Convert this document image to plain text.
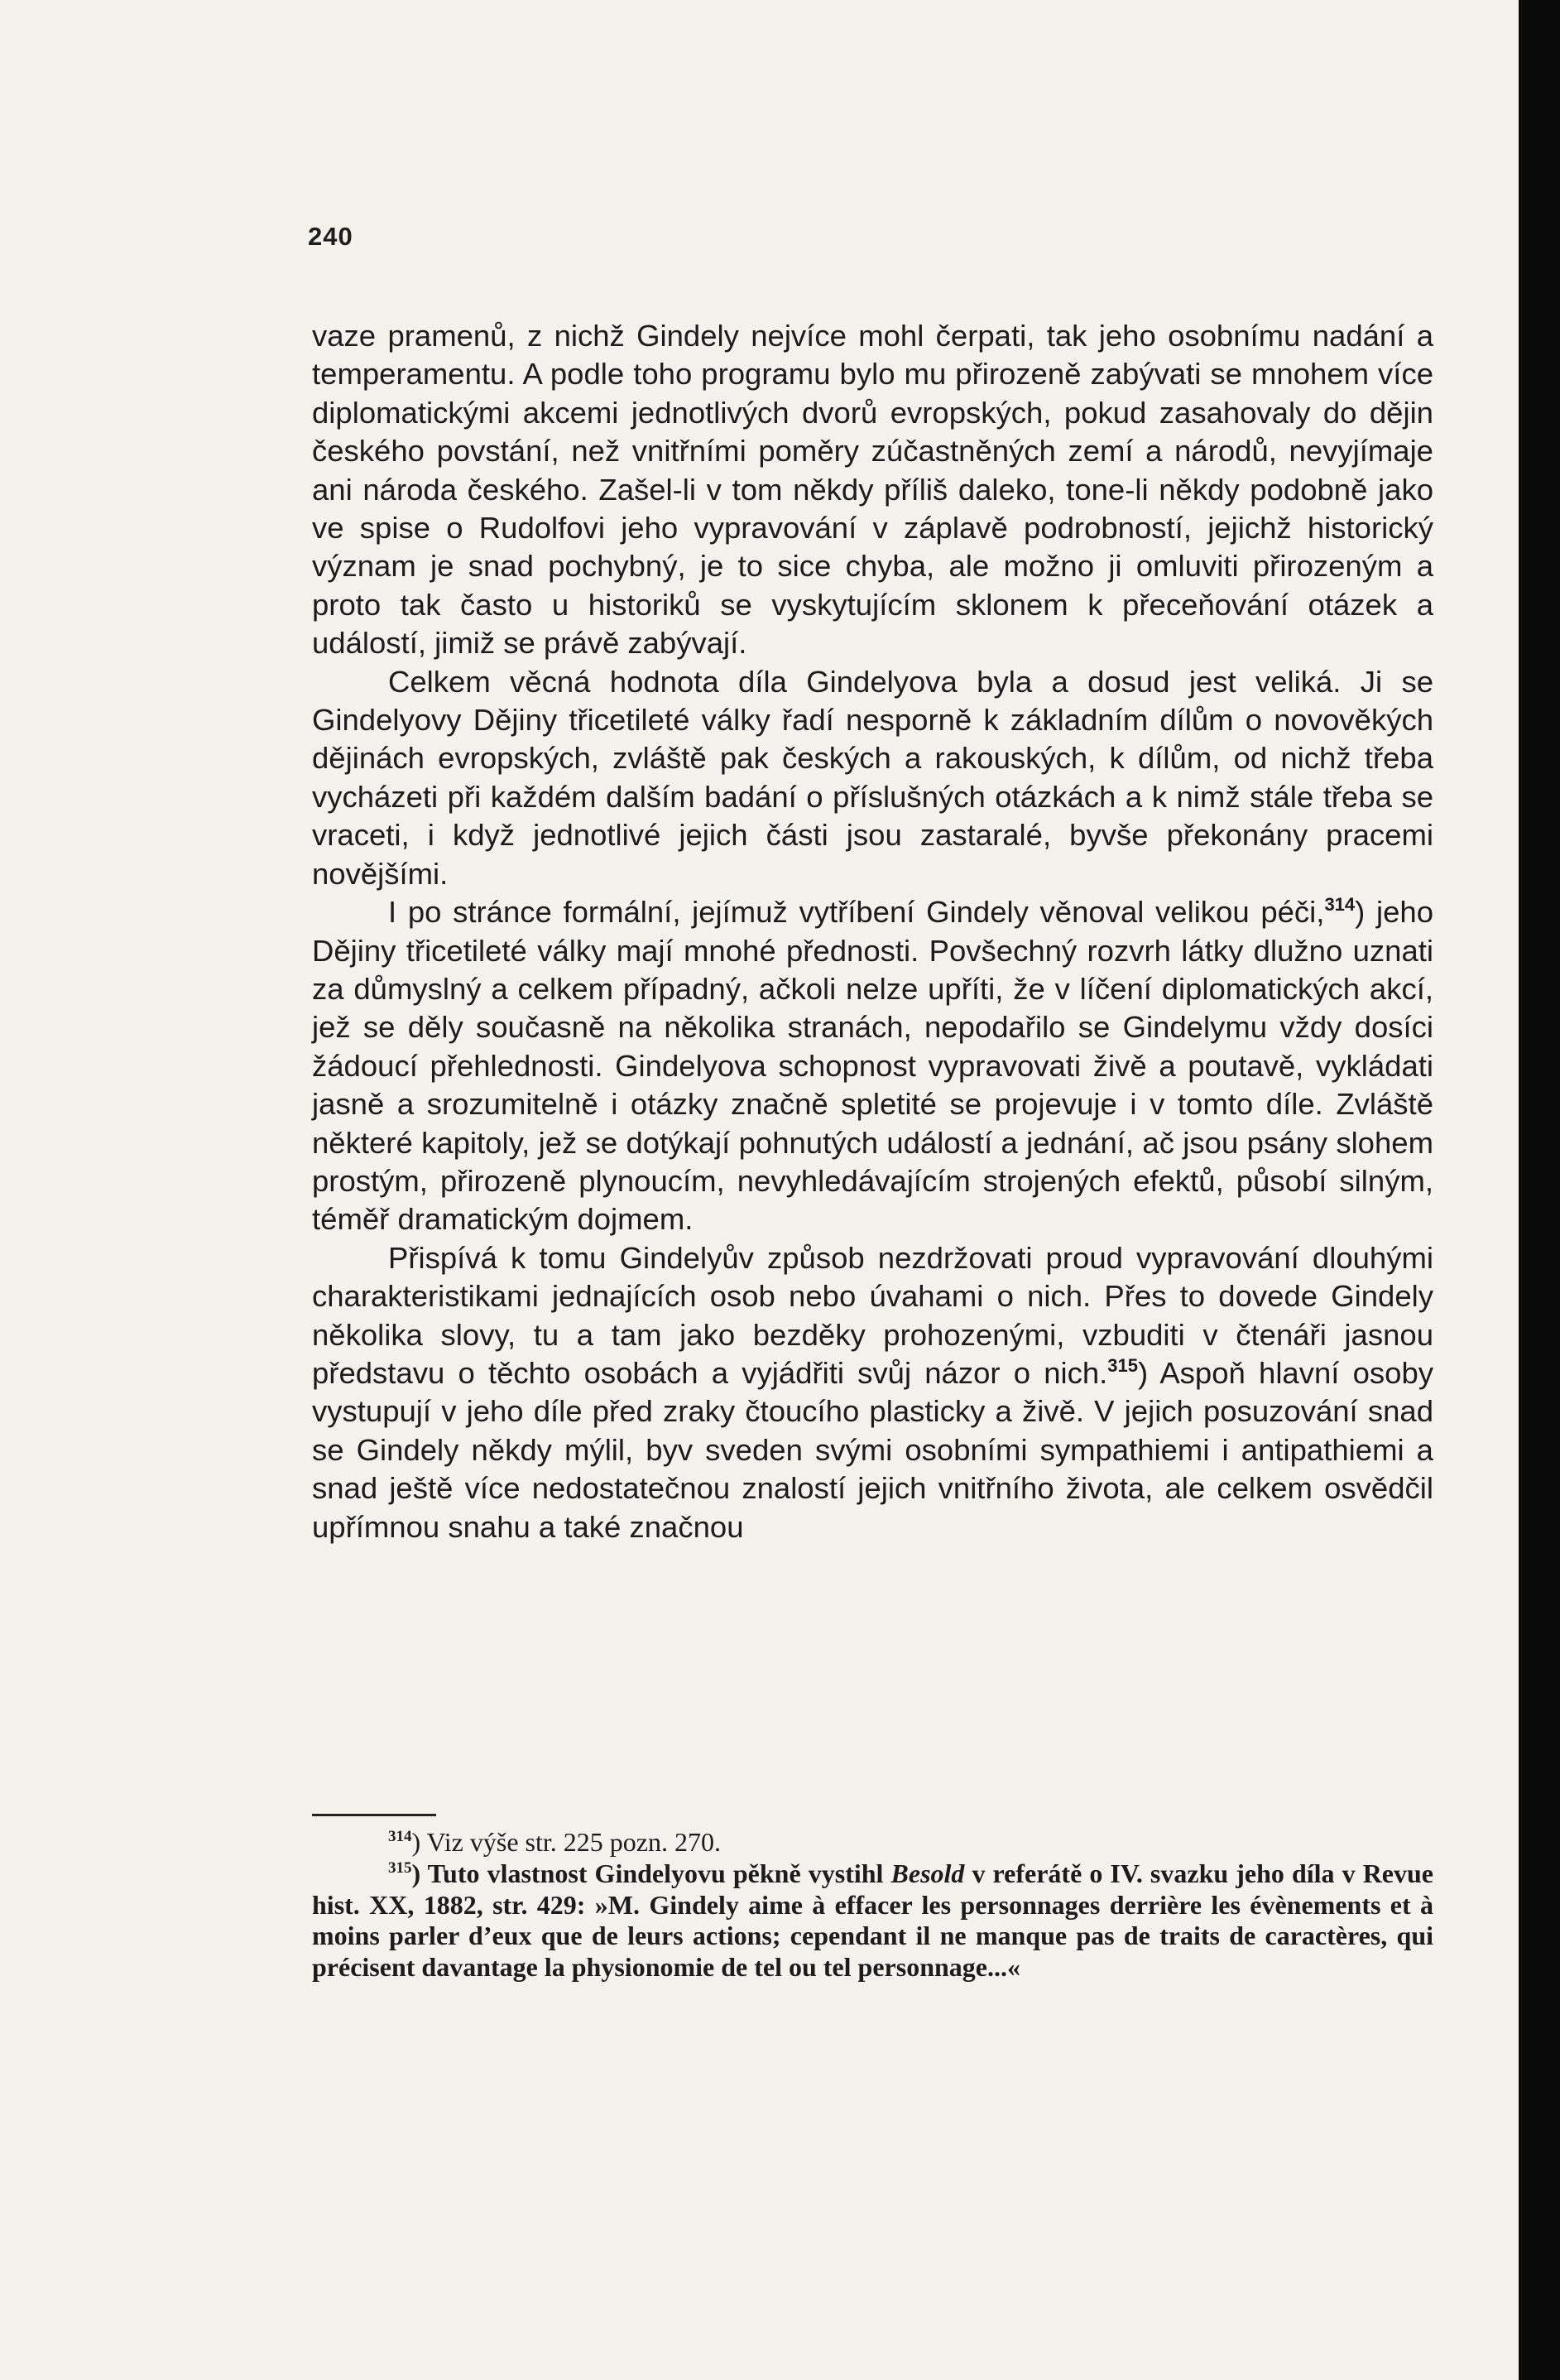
240

vaze pramenů, z nichž Gindely nejvíce mohl čerpati, tak jeho osobnímu nadání a temperamentu. A podle toho programu bylo mu přirozeně zabývati se mnohem více diplomatickými akcemi jednotlivých dvorů evropských, pokud zasahovaly do dějin českého povstání, než vnitřními poměry zúčastněných zemí a národů, nevyjímaje ani národa českého. Zašel-li v tom někdy příliš daleko, tone-li někdy podobně jako ve spise o Rudolfovi jeho vypravování v záplavě podrobností, jejichž historický význam je snad pochybný, je to sice chyba, ale možno ji omluviti přirozeným a proto tak často u historiků se vyskytujícím sklonem k přeceňování otázek a událostí, jimiž se právě zabývají.

Celkem věcná hodnota díla Gindelyova byla a dosud jest veliká. Ji se Gindelyovy Dějiny třicetileté války řadí nesporně k základním dílům o novověkých dějinách evropských, zvláště pak českých a rakouských, k dílům, od nichž třeba vycházeti při každém dalším badání o příslušných otázkách a k nimž stále třeba se vraceti, i když jednotlivé jejich části jsou zastaralé, byvše překonány pracemi novějšími.

I po stránce formální, jejímuž vytříbení Gindely věnoval velikou péči,$^{314}$) jeho Dějiny třicetileté války mají mnohé přednosti. Povšechný rozvrh látky dlužno uznati za důmyslný a celkem případný, ačkoli nelze upříti, že v líčení diplomatických akcí, jež se děly současně na několika stranách, nepodařilo se Gindelymu vždy dosíci žádoucí přehlednosti. Gindelyova schopnost vypravovati živě a poutavě, vykládati jasně a srozumitelně i otázky značně spletité se projevuje i v tomto díle. Zvláště některé kapitoly, jež se dotýkají pohnutých událostí a jednání, ač jsou psány slohem prostým, přirozeně plynoucím, nevyhledávajícím strojených efektů, působí silným, téměř dramatickým dojmem.

Přispívá k tomu Gindelyův způsob nezdržovati proud vypravování dlouhými charakteristikami jednajících osob nebo úvahami o nich. Přes to dovede Gindely několika slovy, tu a tam jako bezděky prohozenými, vzbuditi v čtenáři jasnou představu o těchto osobách a vyjádřiti svůj názor o nich.$^{315}$) Aspoň hlavní osoby vystupují v jeho díle před zraky čtoucího plasticky a živě. V jejich posuzování snad se Gindely někdy mýlil, byv sveden svými osobními sympathiemi i antipathiemi a snad ještě více nedostatečnou znalostí jejich vnitřního života, ale celkem osvědčil upřímnou snahu a také značnou

$^{314}$) Viz výše str. 225 pozn. 270.

$^{315}$) Tuto vlastnost Gindelyovu pěkně vystihl Besold v referátě o IV. svazku jeho díla v Revue hist. XX, 1882, str. 429: »M. Gindely aime à effacer les personnages derrière les évènements et à moins parler d’eux que de leurs actions; cependant il ne manque pas de traits de caractères, qui précisent davantage la physionomie de tel ou tel personnage...«
